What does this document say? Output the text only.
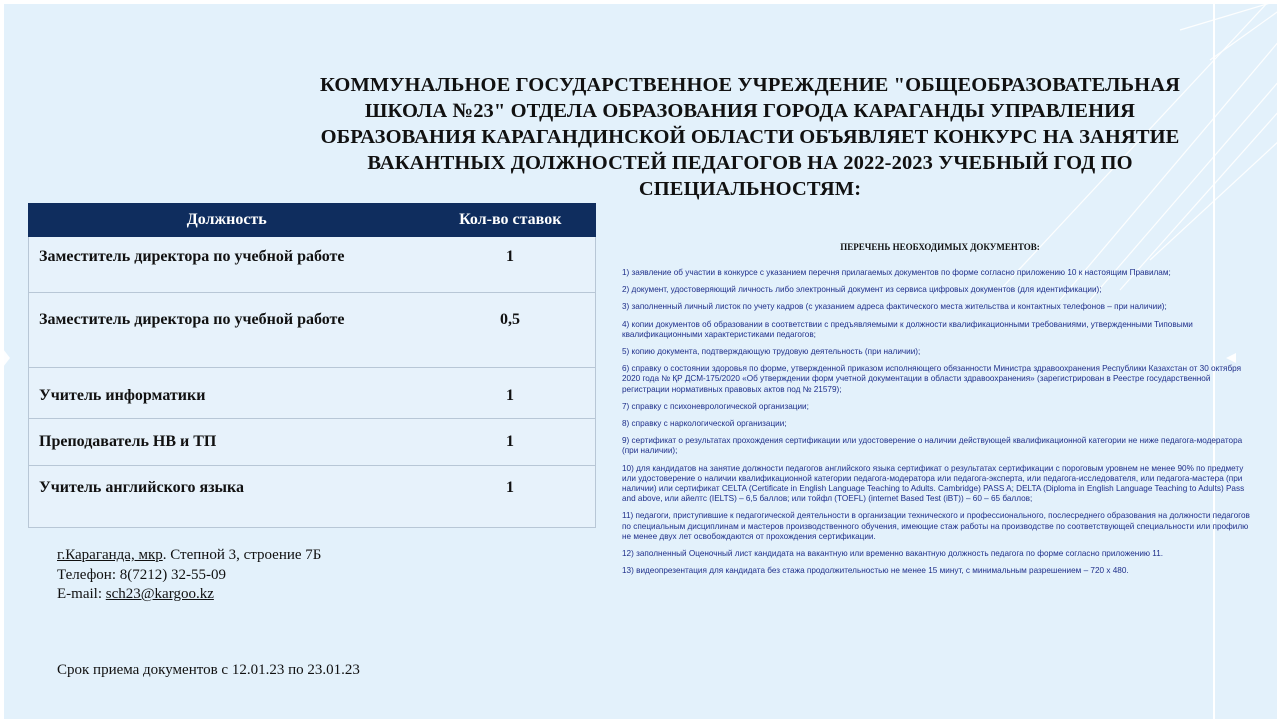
КОММУНАЛЬНОЕ ГОСУДАРСТВЕННОЕ УЧРЕЖДЕНИЕ "ОБЩЕОБРАЗОВАТЕЛЬНАЯ ШКОЛА №23" ОТДЕЛА ОБРАЗОВАНИЯ ГОРОДА КАРАГАНДЫ УПРАВЛЕНИЯ ОБРАЗОВАНИЯ КАРАГАНДИНСКОЙ ОБЛАСТИ ОБЪЯВЛЯЕТ КОНКУРС НА ЗАНЯТИЕ ВАКАНТНЫХ ДОЛЖНОСТЕЙ ПЕДАГОГОВ НА 2022-2023 УЧЕБНЫЙ ГОД ПО СПЕЦИАЛЬНОСТЯМ:
Должность	Кол-во ставок
Заместитель директора по учебной работе	1
Заместитель директора по учебной работе	0,5
Учитель информатики	1
Преподаватель НВ и ТП	1
Учитель английского языка	1
г.Караганда, мкр. Степной 3, строение 7Б
Телефон: 8(7212) 32-55-09
E-mail: sch23@kargoo.kz
Срок приема документов с 12.01.23 по 23.01.23
ПЕРЕЧЕНЬ НЕОБХОДИМЫХ ДОКУМЕНТОВ:

1) заявление об участии в конкурсе с указанием перечня прилагаемых документов по форме согласно приложению 10 к настоящим Правилам;

2) документ, удостоверяющий личность либо электронный документ из сервиса цифровых документов (для идентификации);

3) заполненный личный листок по учету кадров (с указанием адреса фактического места жительства и контактных телефонов – при наличии);

4) копии документов об образовании в соответствии с предъявляемыми к должности квалификационными требованиями, утвержденными Типовыми квалификационными характеристиками педагогов;

5) копию документа, подтверждающую трудовую деятельность (при наличии);

6) справку о состоянии здоровья по форме, утвержденной приказом исполняющего обязанности Министра здравоохранения Республики Казахстан от 30 октября 2020 года № ҚР ДСМ-175/2020 «Об утверждении форм учетной документации в области здравоохранения» (зарегистрирован в Реестре государственной регистрации нормативных правовых актов под № 21579);

7) справку с психоневрологической организации;

8) справку с наркологической организации;

9) сертификат о результатах прохождения сертификации или удостоверение о наличии действующей квалификационной категории не ниже педагога-модератора (при наличии);

10) для кандидатов на занятие должности педагогов английского языка сертификат о результатах сертификации с пороговым уровнем не менее 90% по предмету или удостоверение о наличии квалификационной категории педагога-модератора или педагога-эксперта, или педагога-исследователя, или педагога-мастера (при наличии) или сертификат CELTA (Certificate in English Language Teaching to Adults. Cambridge) PASS A; DELTA (Diploma in English Language Teaching to Adults) Pass and above, или айелтс (IELTS) – 6,5 баллов; или тойфл (TOEFL) (internet Based Test (iBT)) – 60 – 65 баллов;

11) педагоги, приступившие к педагогической деятельности в организации технического и профессионального, послесреднего образования на должности педагогов по специальным дисциплинам и мастеров производственного обучения, имеющие стаж работы на производстве по соответствующей специальности или профилю не менее двух лет освобождаются от прохождения сертификации.

12) заполненный Оценочный лист кандидата на вакантную или временно вакантную должность педагога по форме согласно приложению 11.

13) видеопрезентация для кандидата без стажа продолжительностью не менее 15 минут, с минимальным разрешением – 720 x 480.
